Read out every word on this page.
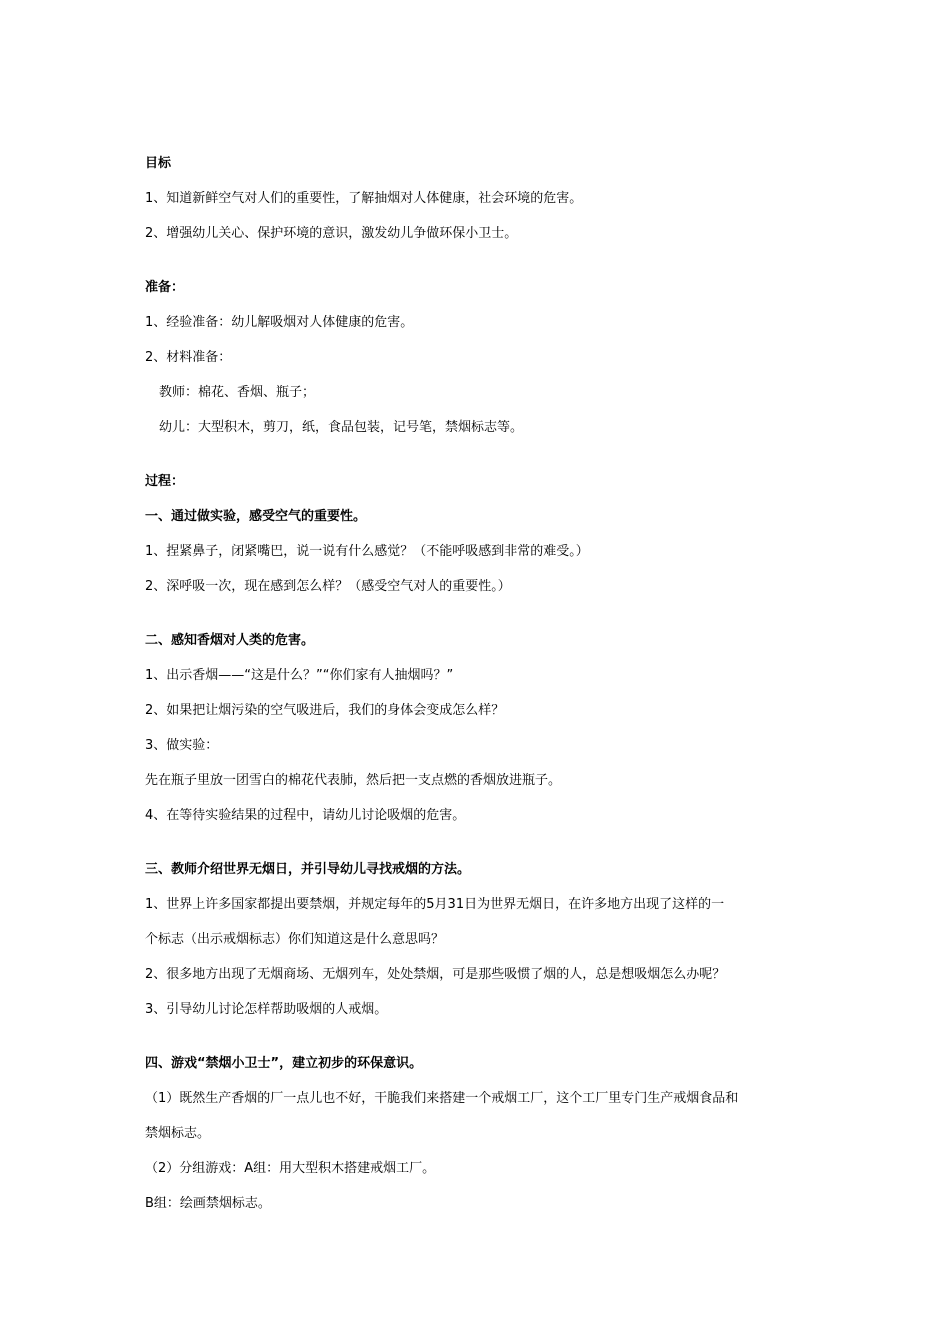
目标
1、知道新鲜空气对人们的重要性，了解抽烟对人体健康，社会环境的危害。
2、增强幼儿关心、保护环境的意识，激发幼儿争做环保小卫士。
准备：
1、经验准备：幼儿解吸烟对人体健康的危害。
2、材料准备：
教师：棉花、香烟、瓶子；
幼儿：大型积木，剪刀，纸，食品包装，记号笔，禁烟标志等。
过程：
一、通过做实验，感受空气的重要性。
1、捏紧鼻子，闭紧嘴巴，说一说有什么感觉？（不能呼吸感到非常的难受。）
2、深呼吸一次，现在感到怎么样？（感受空气对人的重要性。）
二、感知香烟对人类的危害。
1、出示香烟——“这是什么？”“你们家有人抽烟吗？”
2、如果把让烟污染的空气吸进后，我们的身体会变成怎么样？
3、做实验：
先在瓶子里放一团雪白的棉花代表肺，然后把一支点燃的香烟放进瓶子。
4、在等待实验结果的过程中，请幼儿讨论吸烟的危害。
三、教师介绍世界无烟日，并引导幼儿寻找戒烟的方法。
1、世界上许多国家都提出要禁烟，并规定每年的5月31日为世界无烟日，在许多地方出现了这样的一
个标志（出示戒烟标志）你们知道这是什么意思吗？
2、很多地方出现了无烟商场、无烟列车，处处禁烟，可是那些吸惯了烟的人，总是想吸烟怎么办呢？
3、引导幼儿讨论怎样帮助吸烟的人戒烟。
四、游戏“禁烟小卫士”，建立初步的环保意识。
（1）既然生产香烟的厂一点儿也不好，干脆我们来搭建一个戒烟工厂，这个工厂里专门生产戒烟食品和
禁烟标志。
（2）分组游戏：A组：用大型积木搭建戒烟工厂。
B组：绘画禁烟标志。
